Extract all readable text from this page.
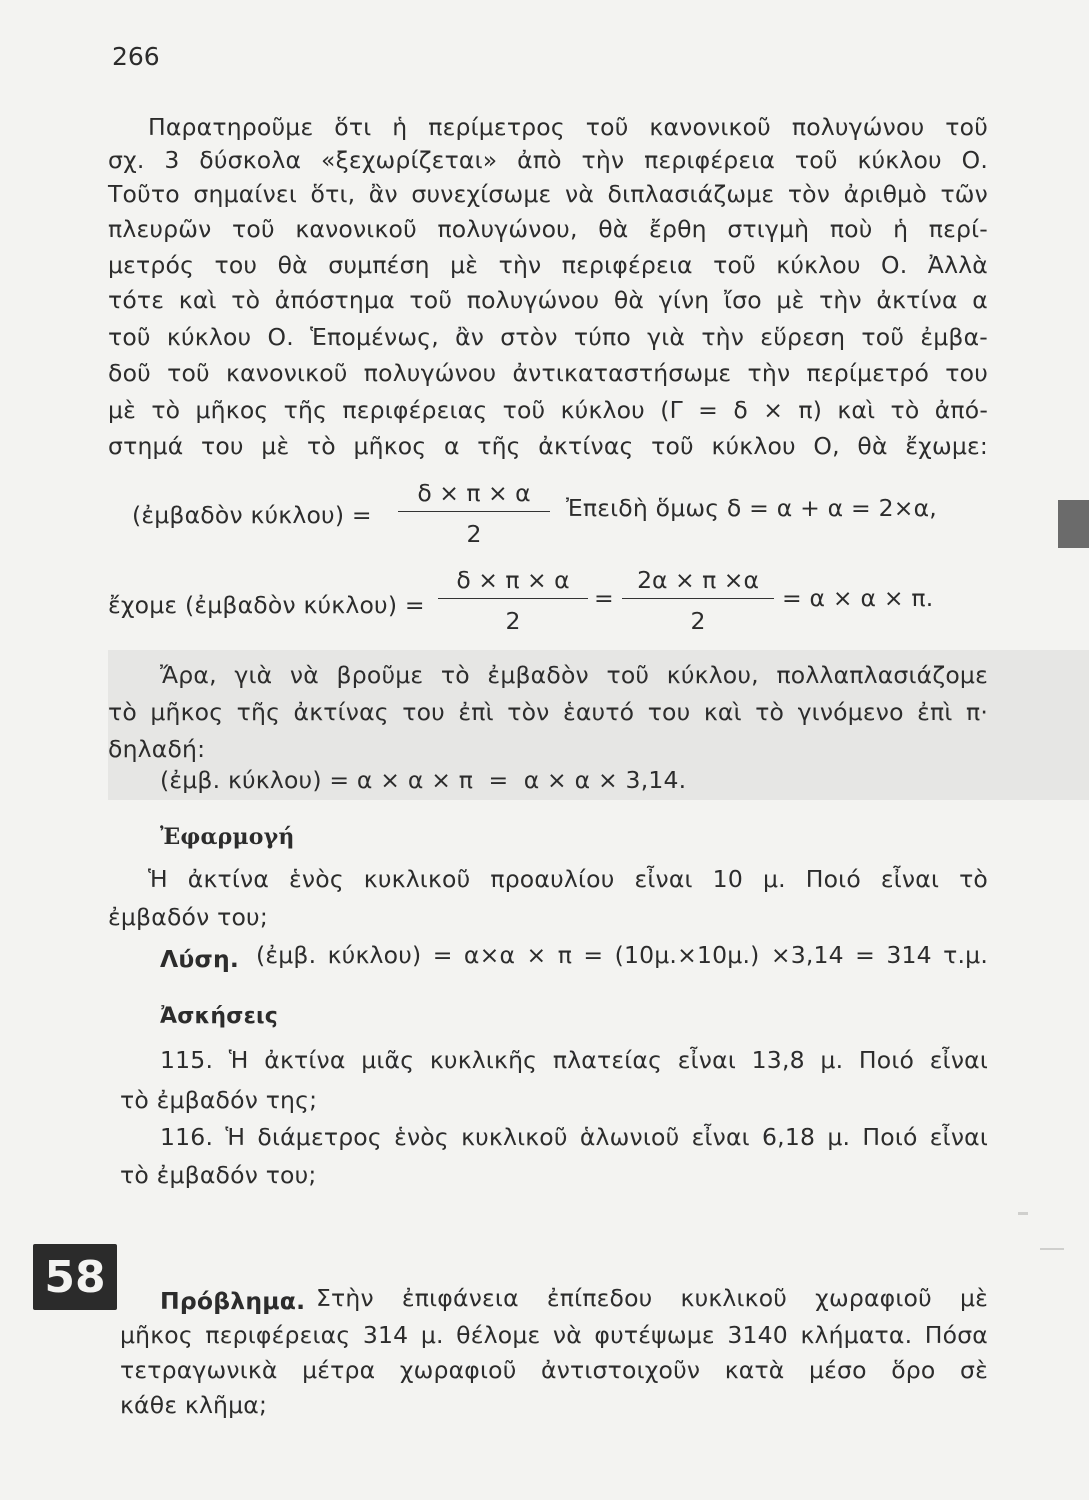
266
Παρατηροῦμε ὅτι ἡ περίμετρος τοῦ κανονικοῦ πολυγώνου τοῦ
σχ. 3 δύσκολα «ξεχωρίζεται» ἀπὸ τὴν περιφέρεια τοῦ κύκλου Ο.
Τοῦτο σημαίνει ὅτι, ἂν συνεχίσωμε νὰ διπλασιάζωμε τὸν ἀριθμὸ τῶν
πλευρῶν τοῦ κανονικοῦ πολυγώνου, θὰ ἔρθη στιγμὴ ποὺ ἡ περί-
μετρός του θὰ συμπέση μὲ τὴν περιφέρεια τοῦ κύκλου Ο. Ἀλλὰ
τότε καὶ τὸ ἀπόστημα τοῦ πολυγώνου θὰ γίνη ἴσο μὲ τὴν ἀκτίνα α
τοῦ κύκλου Ο. Ἑπομένως, ἂν στὸν τύπο γιὰ τὴν εὕρεση τοῦ ἐμβα-
δοῦ τοῦ κανονικοῦ πολυγώνου ἀντικαταστήσωμε τὴν περίμετρό του
μὲ τὸ μῆκος τῆς περιφέρειας τοῦ κύκλου (Γ = δ × π) καὶ τὸ ἀπό-
στημά του μὲ τὸ μῆκος α τῆς ἀκτίνας τοῦ κύκλου Ο, θὰ ἔχωμε:
(ἐμβαδὸν κύκλου) =
δ × π × α
2
Ἐπειδὴ ὅμως δ = α + α = 2×α,
ἔχομε (ἐμβαδὸν κύκλου) =
δ × π × α
2
=
2α × π ×α
2
= α × α × π.
Ἄρα, γιὰ νὰ βροῦμε τὸ ἐμβαδὸν τοῦ κύκλου, πολλαπλασιάζομε
τὸ μῆκος τῆς ἀκτίνας του ἐπὶ τὸν ἑαυτό του καὶ τὸ γινόμενο ἐπὶ π·
δηλαδή:
(ἐμβ. κύκλου) = α × α × π  =  α × α × 3,14.
Ἐφαρμογή
Ἡ ἀκτίνα ἑνὸς κυκλικοῦ προαυλίου εἶναι 10 μ. Ποιό εἶναι τὸ
ἐμβαδόν του;
Λύση. (ἐμβ. κύκλου) = α×α × π = (10μ.×10μ.) ×3,14 = 314 τ.μ.
Ἀσκήσεις
115. Ἡ ἀκτίνα μιᾶς κυκλικῆς πλατείας εἶναι 13,8 μ. Ποιό εἶναι
τὸ ἐμβαδόν της;
116. Ἡ διάμετρος ἑνὸς κυκλικοῦ ἁλωνιοῦ εἶναι 6,18 μ. Ποιό εἶναι
τὸ ἐμβαδόν του;
58	Πρόβλημα. Στὴν ἐπιφάνεια ἐπίπεδου κυκλικοῦ χωραφιοῦ μὲ
μῆκος περιφέρειας 314 μ. θέλομε νὰ φυτέψωμε 3140 κλήματα. Πόσα
τετραγωνικὰ μέτρα χωραφιοῦ ἀντιστοιχοῦν κατὰ μέσο ὅρο σὲ
κάθε κλῆμα;
